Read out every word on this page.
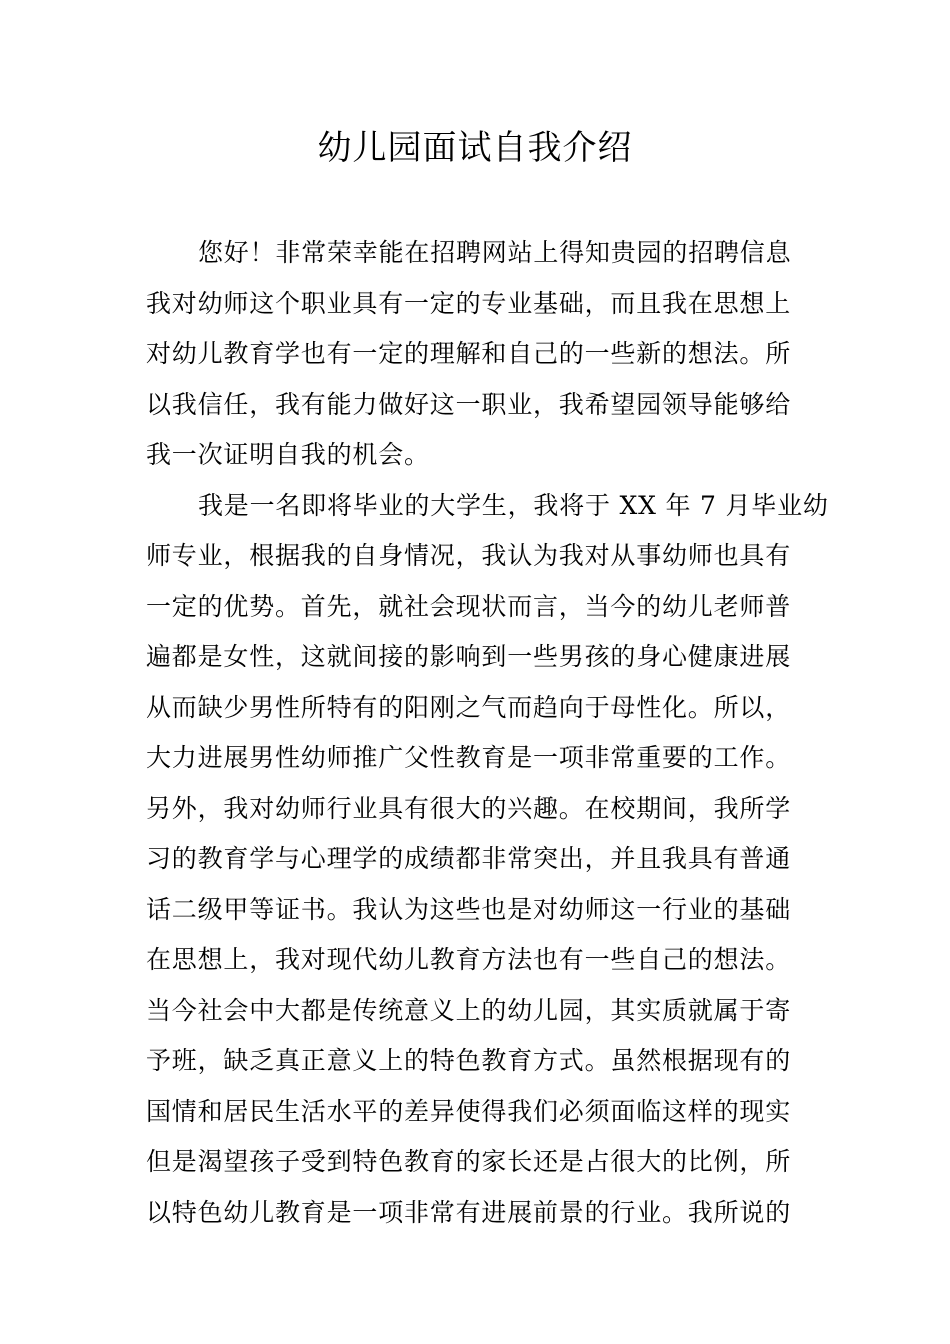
幼儿园面试自我介绍

您好！非常荣幸能在招聘网站上得知贵园的招聘信息

我对幼师这个职业具有一定的专业基础，而且我在思想上

对幼儿教育学也有一定的理解和自己的一些新的想法。所

以我信任，我有能力做好这一职业，我希望园领导能够给

我一次证明自我的机会。

我是一名即将毕业的大学生，我将于 XX 年 7 月毕业幼

师专业，根据我的自身情况，我认为我对从事幼师也具有

一定的优势。首先，就社会现状而言，当今的幼儿老师普

遍都是女性，这就间接的影响到一些男孩的身心健康进展

从而缺少男性所特有的阳刚之气而趋向于母性化。所以，

大力进展男性幼师推广父性教育是一项非常重要的工作。

另外，我对幼师行业具有很大的兴趣。在校期间，我所学

习的教育学与心理学的成绩都非常突出，并且我具有普通

话二级甲等证书。我认为这些也是对幼师这一行业的基础

在思想上，我对现代幼儿教育方法也有一些自己的想法。

当今社会中大都是传统意义上的幼儿园，其实质就属于寄

予班，缺乏真正意义上的特色教育方式。虽然根据现有的

国情和居民生活水平的差异使得我们必须面临这样的现实

但是渴望孩子受到特色教育的家长还是占很大的比例，所

以特色幼儿教育是一项非常有进展前景的行业。我所说的
